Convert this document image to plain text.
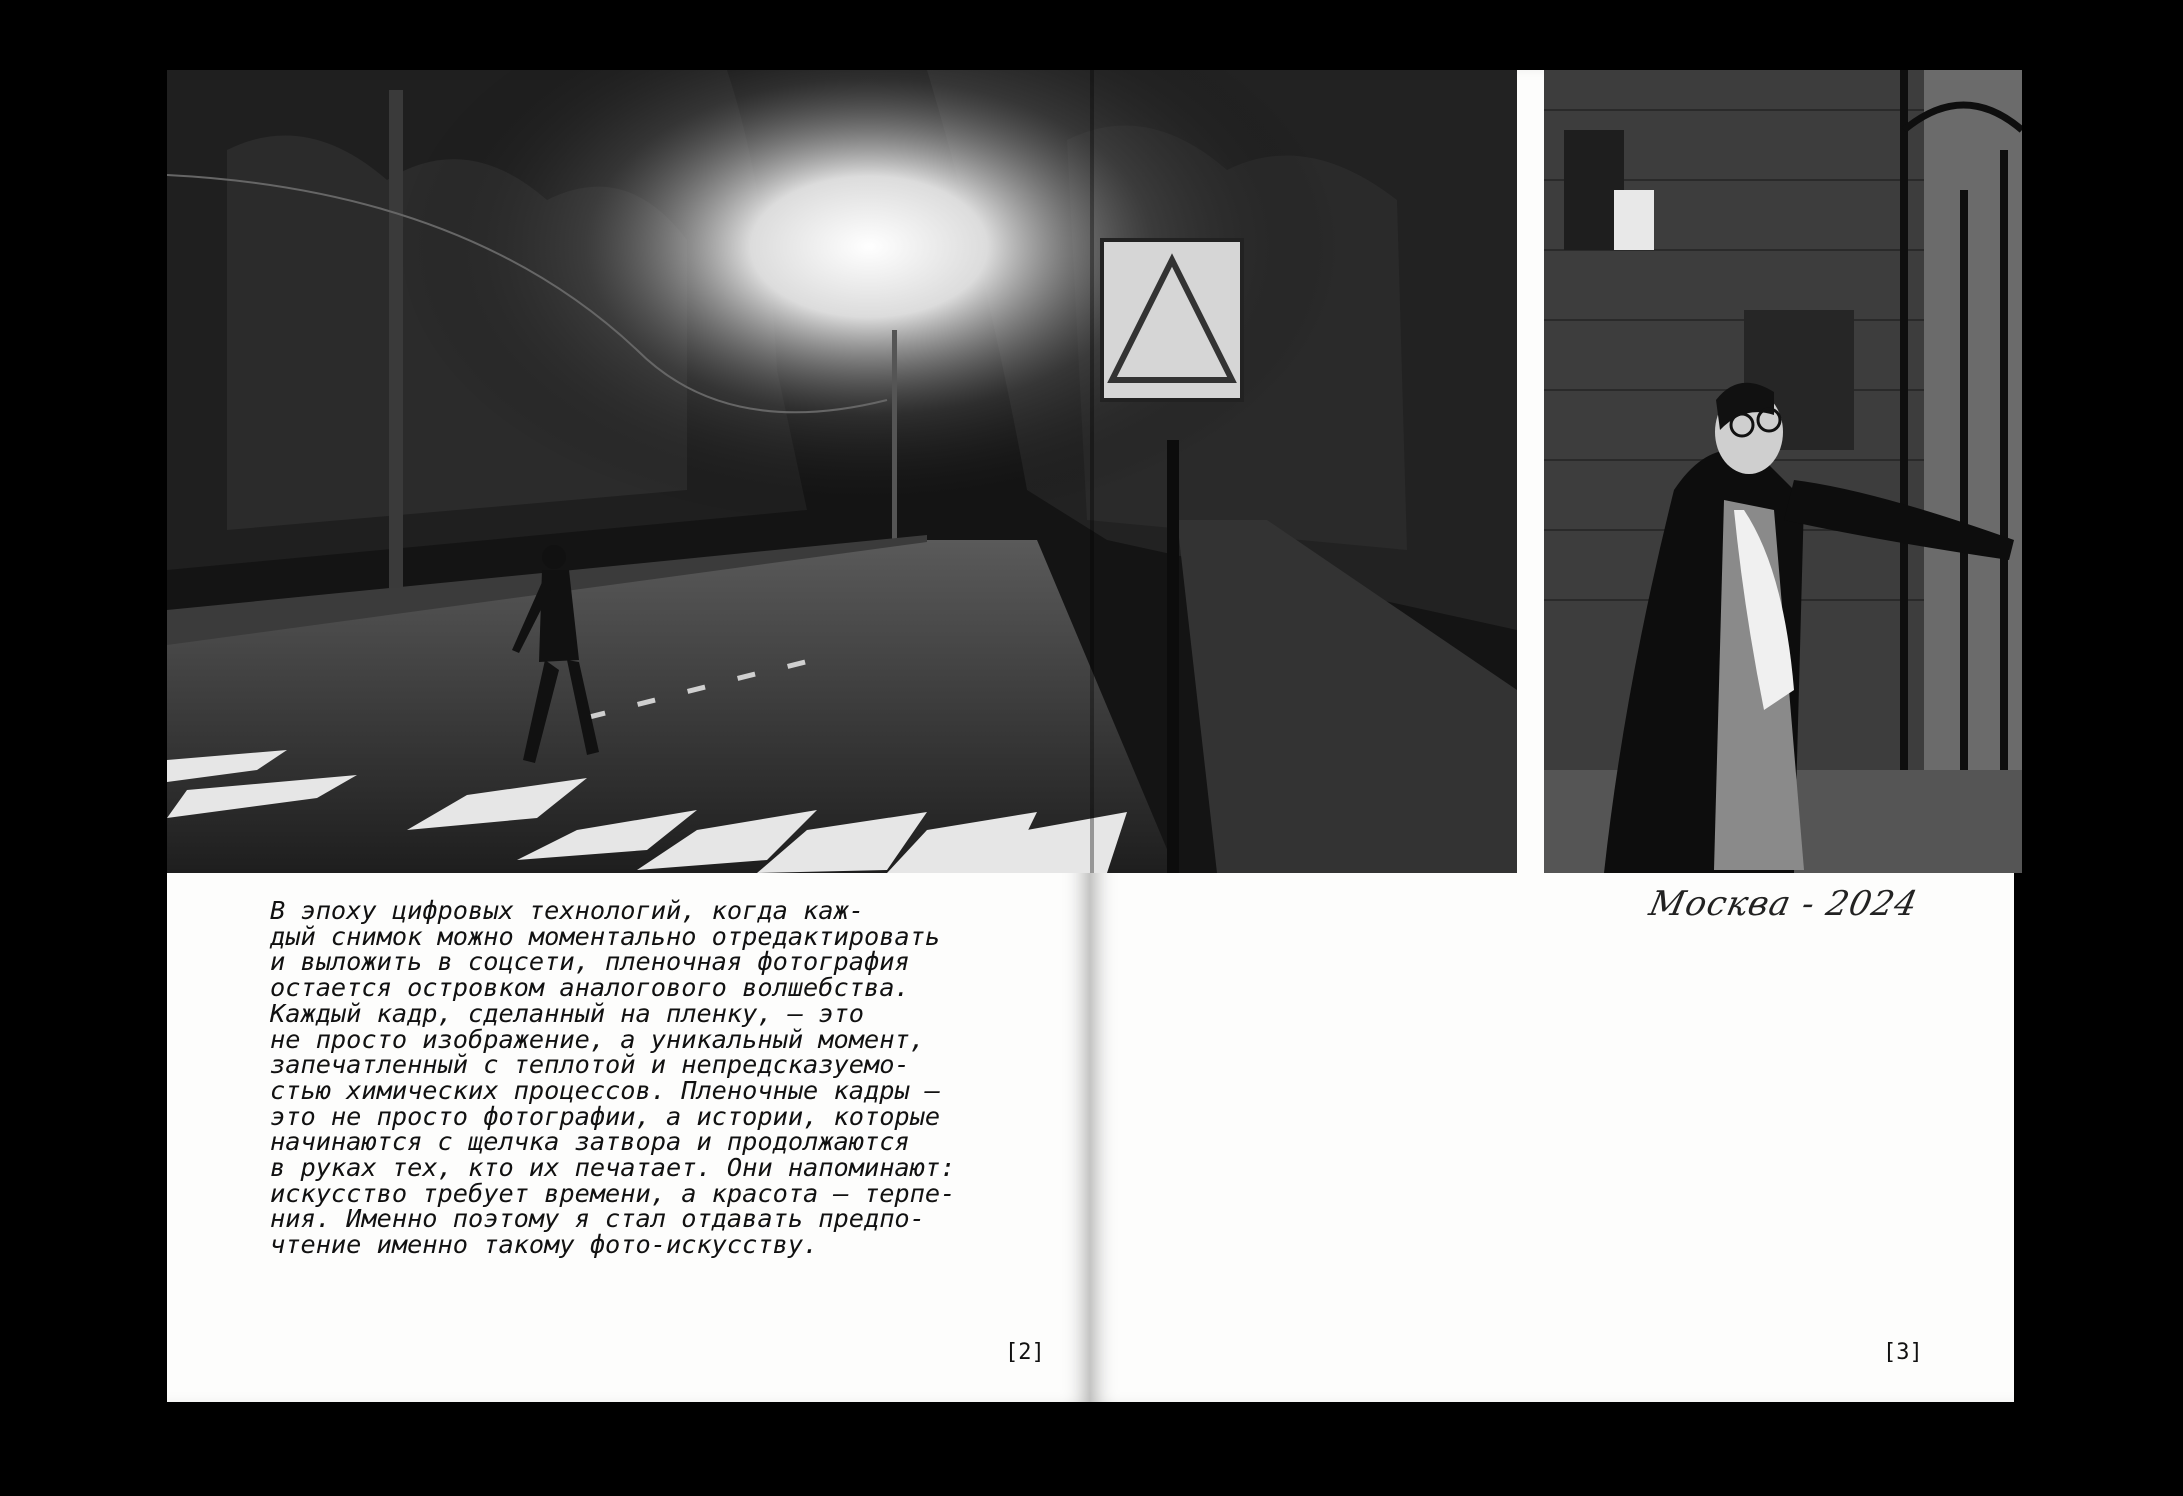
В эпоху цифровых технологий, когда каж-
дый снимок можно моментально отредактировать
и выложить в соцсети, пленочная фотография
остается островком аналогового волшебства.
Каждый кадр, сделанный на пленку, — это
не просто изображение, а уникальный момент,
запечатленный с теплотой и непредсказуемо-
стью химических процессов. Пленочные кадры —
это не просто фотографии, а истории, которые
начинаются с щелчка затвора и продолжаются
в руках тех, кто их печатает. Они напоминают:
искусство требует времени, а красота — терпе-
ния. Именно поэтому я стал отдавать предпо-
чтение именно такому фото-искусству.
Москва - 2024
[2]	[3]
